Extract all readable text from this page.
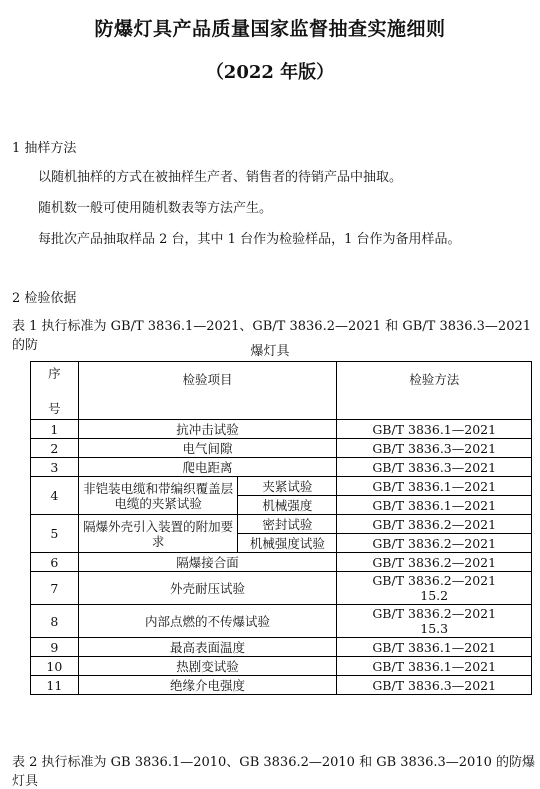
防爆灯具产品质量国家监督抽查实施细则
（2022 年版）
1 抽样方法
以随机抽样的方式在被抽样生产者、销售者的待销产品中抽取。
随机数一般可使用随机数表等方法产生。
每批次产品抽取样品 2 台，其中 1 台作为检验样品，1 台作为备用样品。
2 检验依据
表 1 执行标准为 GB/T 3836.1—2021、GB/T 3836.2—2021 和 GB/T 3836.3—2021 的防	爆灯具
序
号	检验项目		检验方法
1	抗冲击试验		GB/T 3836.1—2021
2	电气间隙		GB/T 3836.3—2021
3	爬电距离		GB/T 3836.3—2021
4	非铠装电缆和带编织覆盖层电缆的夹紧试验	夹紧试验	GB/T 3836.1—2021
		机械强度	GB/T 3836.1—2021
5	隔爆外壳引入装置的附加要求	密封试验	GB/T 3836.2—2021
		机械强度试验	GB/T 3836.2—2021
6	隔爆接合面		GB/T 3836.2—2021
7	外壳耐压试验		GB/T 3836.2—2021
15.2

8	内部点燃的不传爆试验		GB/T 3836.2—2021
15.3

9	最高表面温度		GB/T 3836.1—2021
10	热剧变试验		GB/T 3836.1—2021
11	绝缘介电强度		GB/T 3836.3—2021
表 2 执行标准为 GB 3836.1—2010、GB 3836.2—2010 和 GB 3836.3—2010 的防爆灯具
